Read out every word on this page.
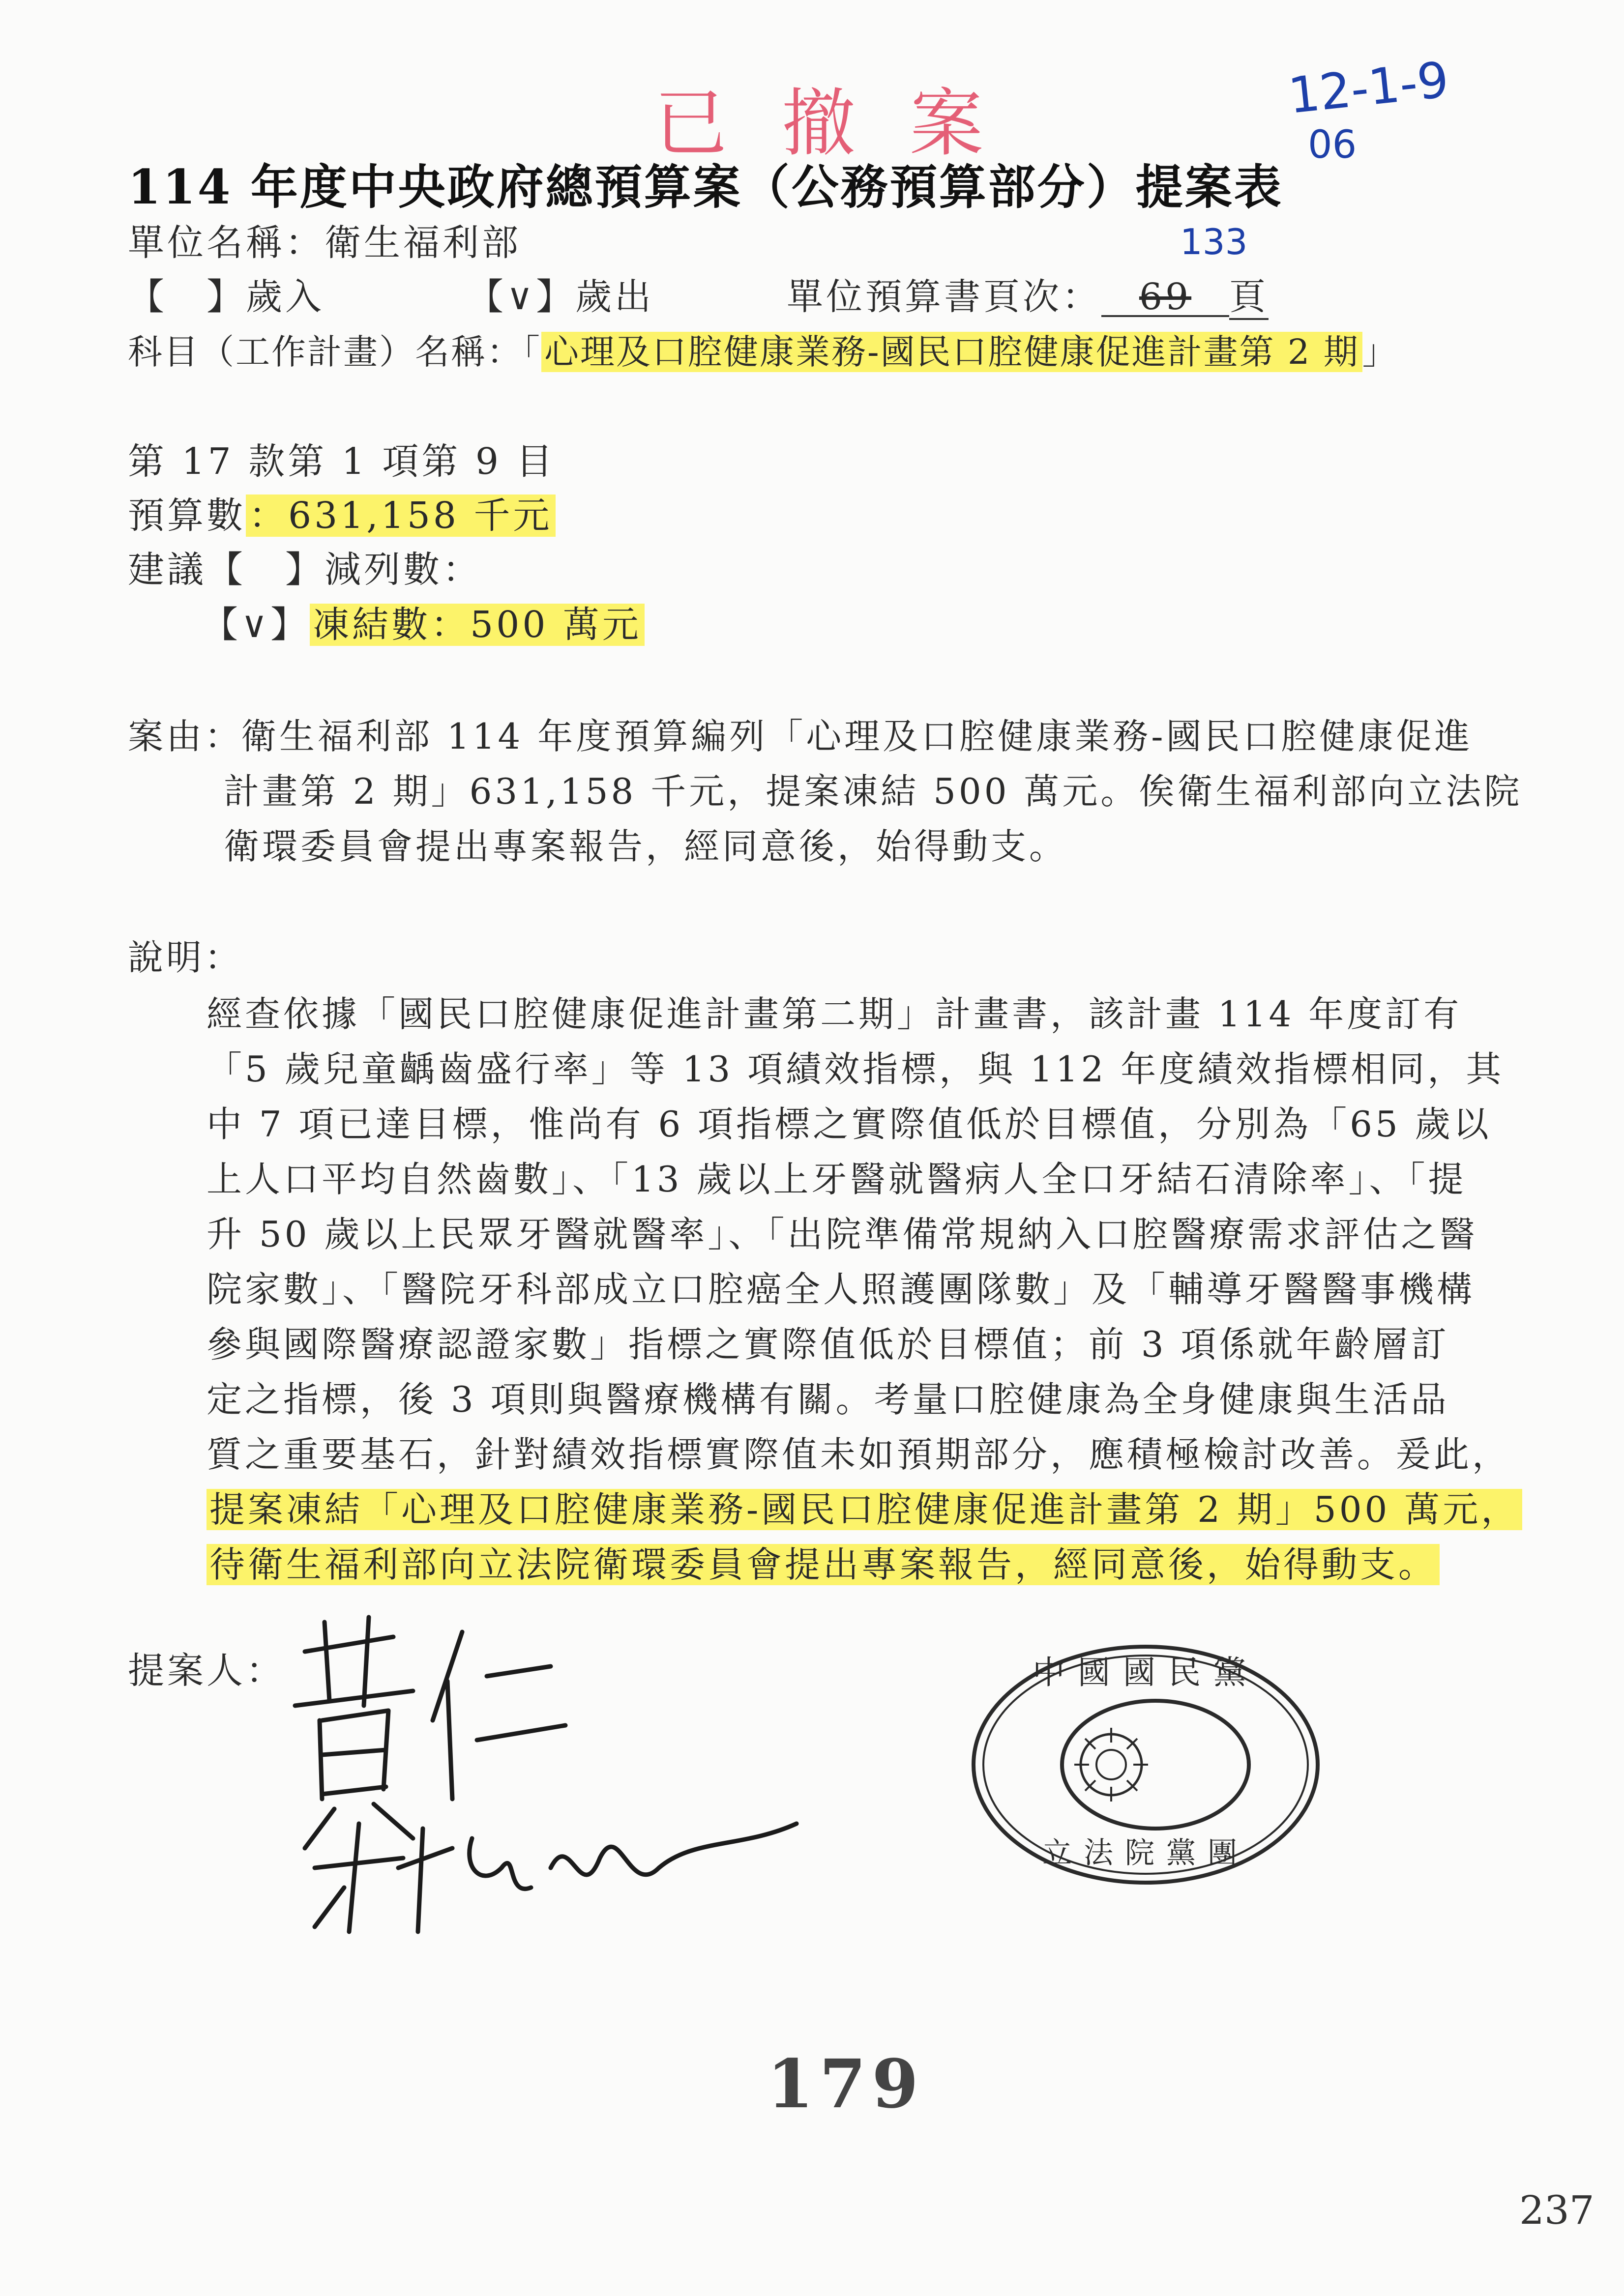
已撤案	12-1-9
06
133
237
114 年度中央政府總預算案（公務預算部分）提案表
單位名稱：衛生福利部
【　】歲入	【∨】歲出	單位預算書頁次： 69 頁
科目（工作計畫）名稱：「心理及口腔健康業務-國民口腔健康促進計畫第 2 期」
第 17 款第 1 項第 9 目
預算數：631,158 千元
建議【　】減列數：
【∨】凍結數：500 萬元
案由：
衛生福利部 114 年度預算編列「心理及口腔健康業務-國民口腔健康促進
計畫第 2 期」631,158 千元，提案凍結 500 萬元。俟衛生福利部向立法院
衛環委員會提出專案報告，經同意後，始得動支。
說明：
經查依據「國民口腔健康促進計畫第二期」計畫書，該計畫 114 年度訂有
「5 歲兒童齲齒盛行率」等 13 項績效指標，與 112 年度績效指標相同，其
中 7 項已達目標，惟尚有 6 項指標之實際值低於目標值，分別為「65 歲以
上人口平均自然齒數」、「13 歲以上牙醫就醫病人全口牙結石清除率」、「提
升 50 歲以上民眾牙醫就醫率」、「出院準備常規納入口腔醫療需求評估之醫
院家數」、「醫院牙科部成立口腔癌全人照護團隊數」及「輔導牙醫醫事機構
參與國際醫療認證家數」指標之實際值低於目標值；前 3 項係就年齡層訂
定之指標，後 3 項則與醫療機構有關。考量口腔健康為全身健康與生活品
質之重要基石，針對績效指標實際值未如預期部分，應積極檢討改善。爰此，
提案凍結「心理及口腔健康業務-國民口腔健康促進計畫第 2 期」500 萬元，
待衛生福利部向立法院衛環委員會提出專案報告，經同意後，始得動支。
提案人：	中國國民黨
立法院黨團
179
